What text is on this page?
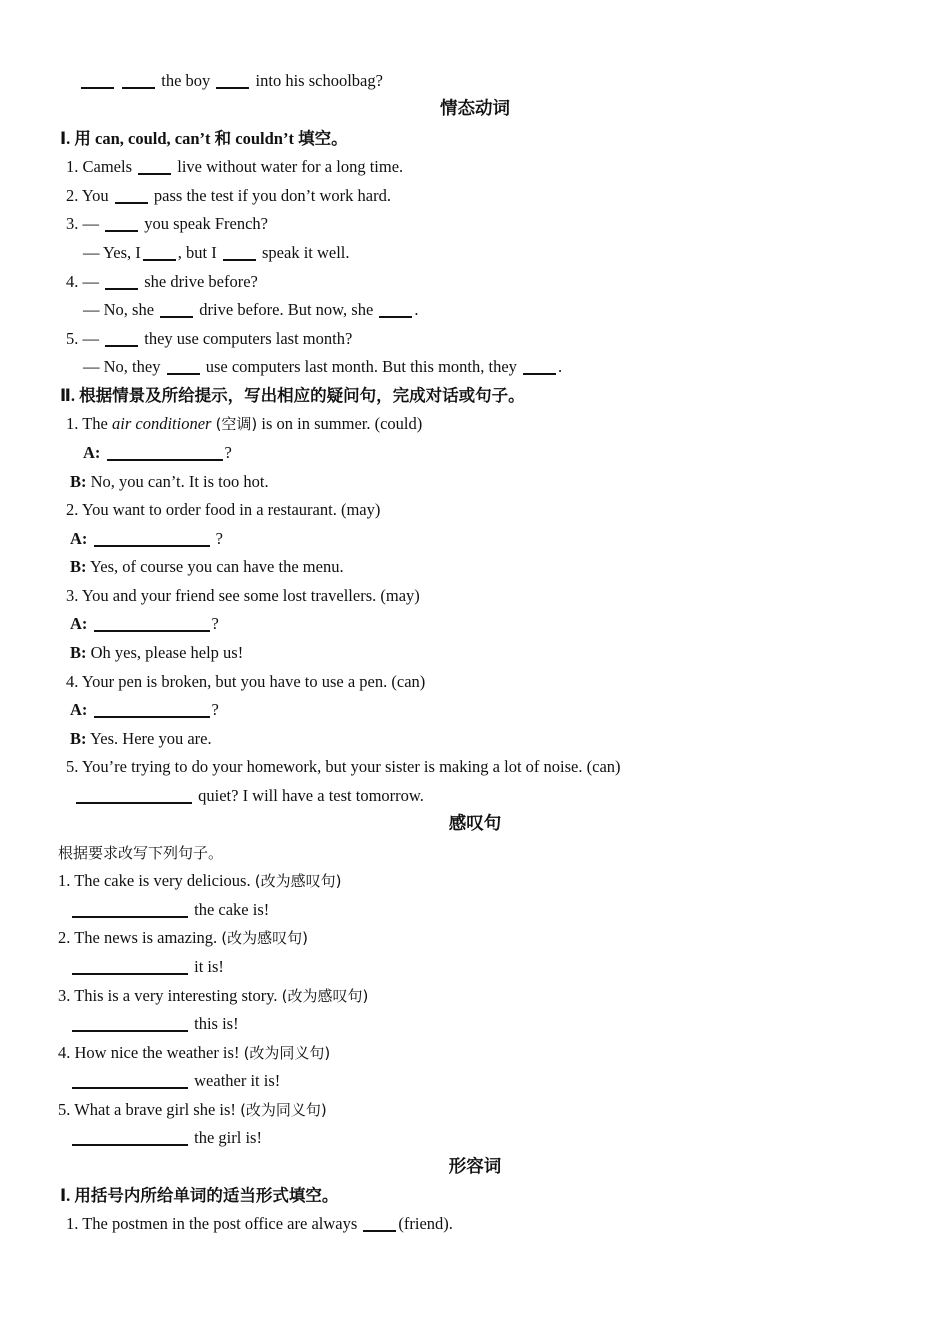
the boy	into his schoolbag?
情态动词
Ⅰ. 用 can, could, can’t 和 couldn’t 填空。
1. Camels	live without water for a long time.
2. You	pass the test if you don’t work hard.
3. —	you speak French?
— Yes, I , but I	speak it well.
4. —	she drive before?
— No, she	drive before. But now, she .
5. —	they use computers last month?
— No, they	use computers last month. But this month, they .
Ⅱ. 根据情景及所给提示，写出相应的疑问句，完成对话或句子。
1. The air conditioner (空调) is on in summer. (could)
A:	?
B: No, you can’t. It is too hot.
2. You want to order food in a restaurant. (may)
A:	?
B: Yes, of course you can have the menu.
3. You and your friend see some lost travellers. (may)
A:	?
B: Oh yes, please help us!
4. Your pen is broken, but you have to use a pen. (can)
A:	?
B: Yes. Here you are.
5. You’re trying to do your homework, but your sister is making a lot of noise. (can)
quiet? I will have a test tomorrow.
感叹句
根据要求改写下列句子。
1. The cake is very delicious. (改为感叹句)
the cake is!
2. The news is amazing. (改为感叹句)
it is!
3. This is a very interesting story. (改为感叹句)
this is!
4. How nice the weather is! (改为同义句)
weather it is!
5. What a brave girl she is! (改为同义句)
the girl is!
形容词
Ⅰ. 用括号内所给单词的适当形式填空。
1. The postmen in the post office are always (friend).
